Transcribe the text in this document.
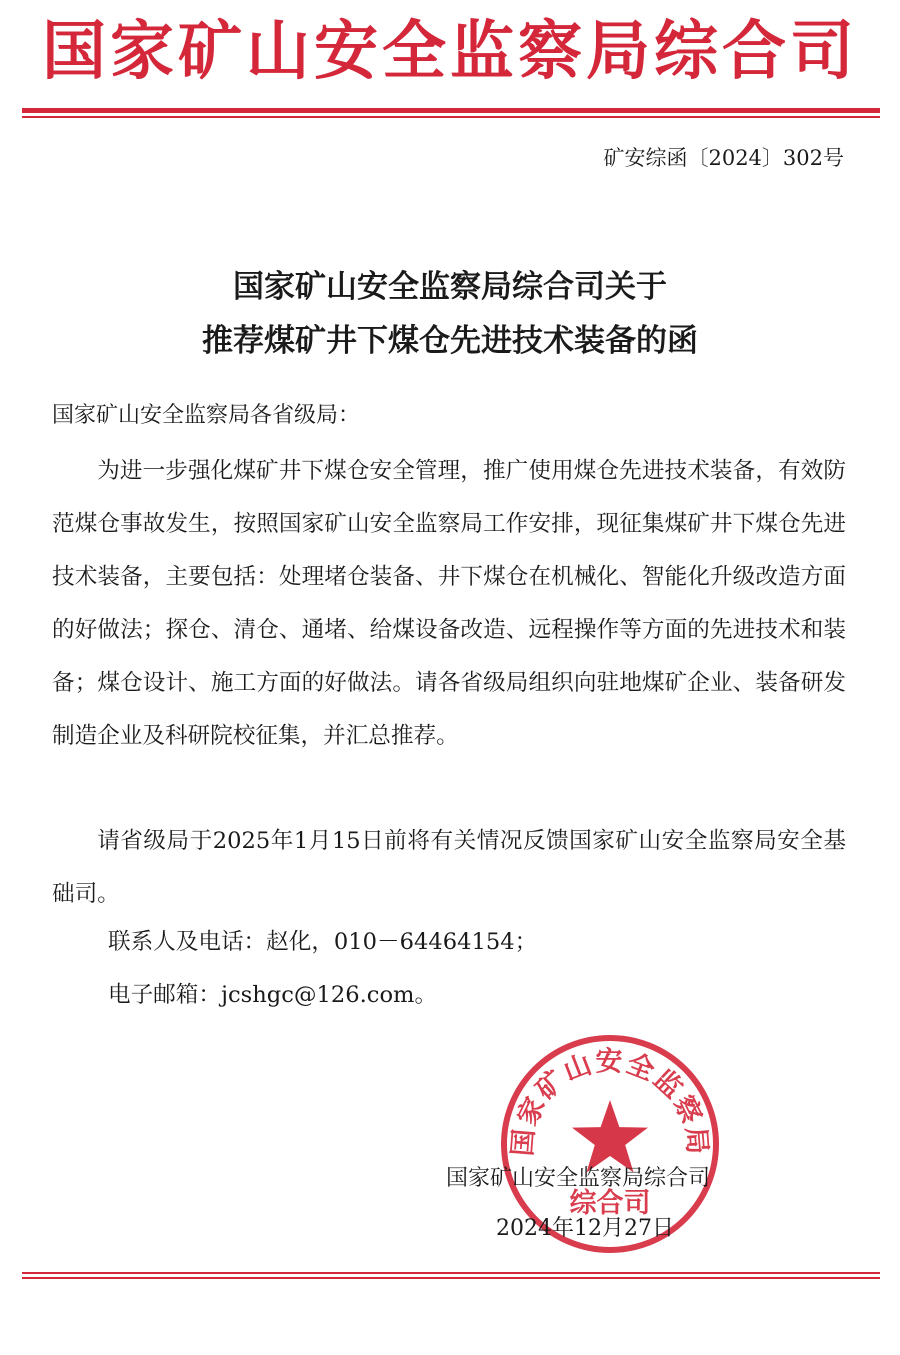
国家矿山安全监察局综合司
矿安综函〔2024〕302号
国家矿山安全监察局综合司关于
推荐煤矿井下煤仓先进技术装备的函
国家矿山安全监察局各省级局：
为进一步强化煤矿井下煤仓安全管理，推广使用煤仓先进技术装备，有效防范煤仓事故发生，按照国家矿山安全监察局工作安排，现征集煤矿井下煤仓先进技术装备，主要包括：处理堵仓装备、井下煤仓在机械化、智能化升级改造方面的好做法；探仓、清仓、通堵、给煤设备改造、远程操作等方面的先进技术和装备；煤仓设计、施工方面的好做法。请各省级局组织向驻地煤矿企业、装备研发制造企业及科研院校征集，并汇总推荐。
请省级局于2025年1月15日前将有关情况反馈国家矿山安全监察局安全基础司。
联系人及电话：赵化，010－64464154；
电子邮箱：jcshgc@126.com。
国家矿山安全监察局
综合司
国家矿山安全监察局综合司
2024年12月27日
